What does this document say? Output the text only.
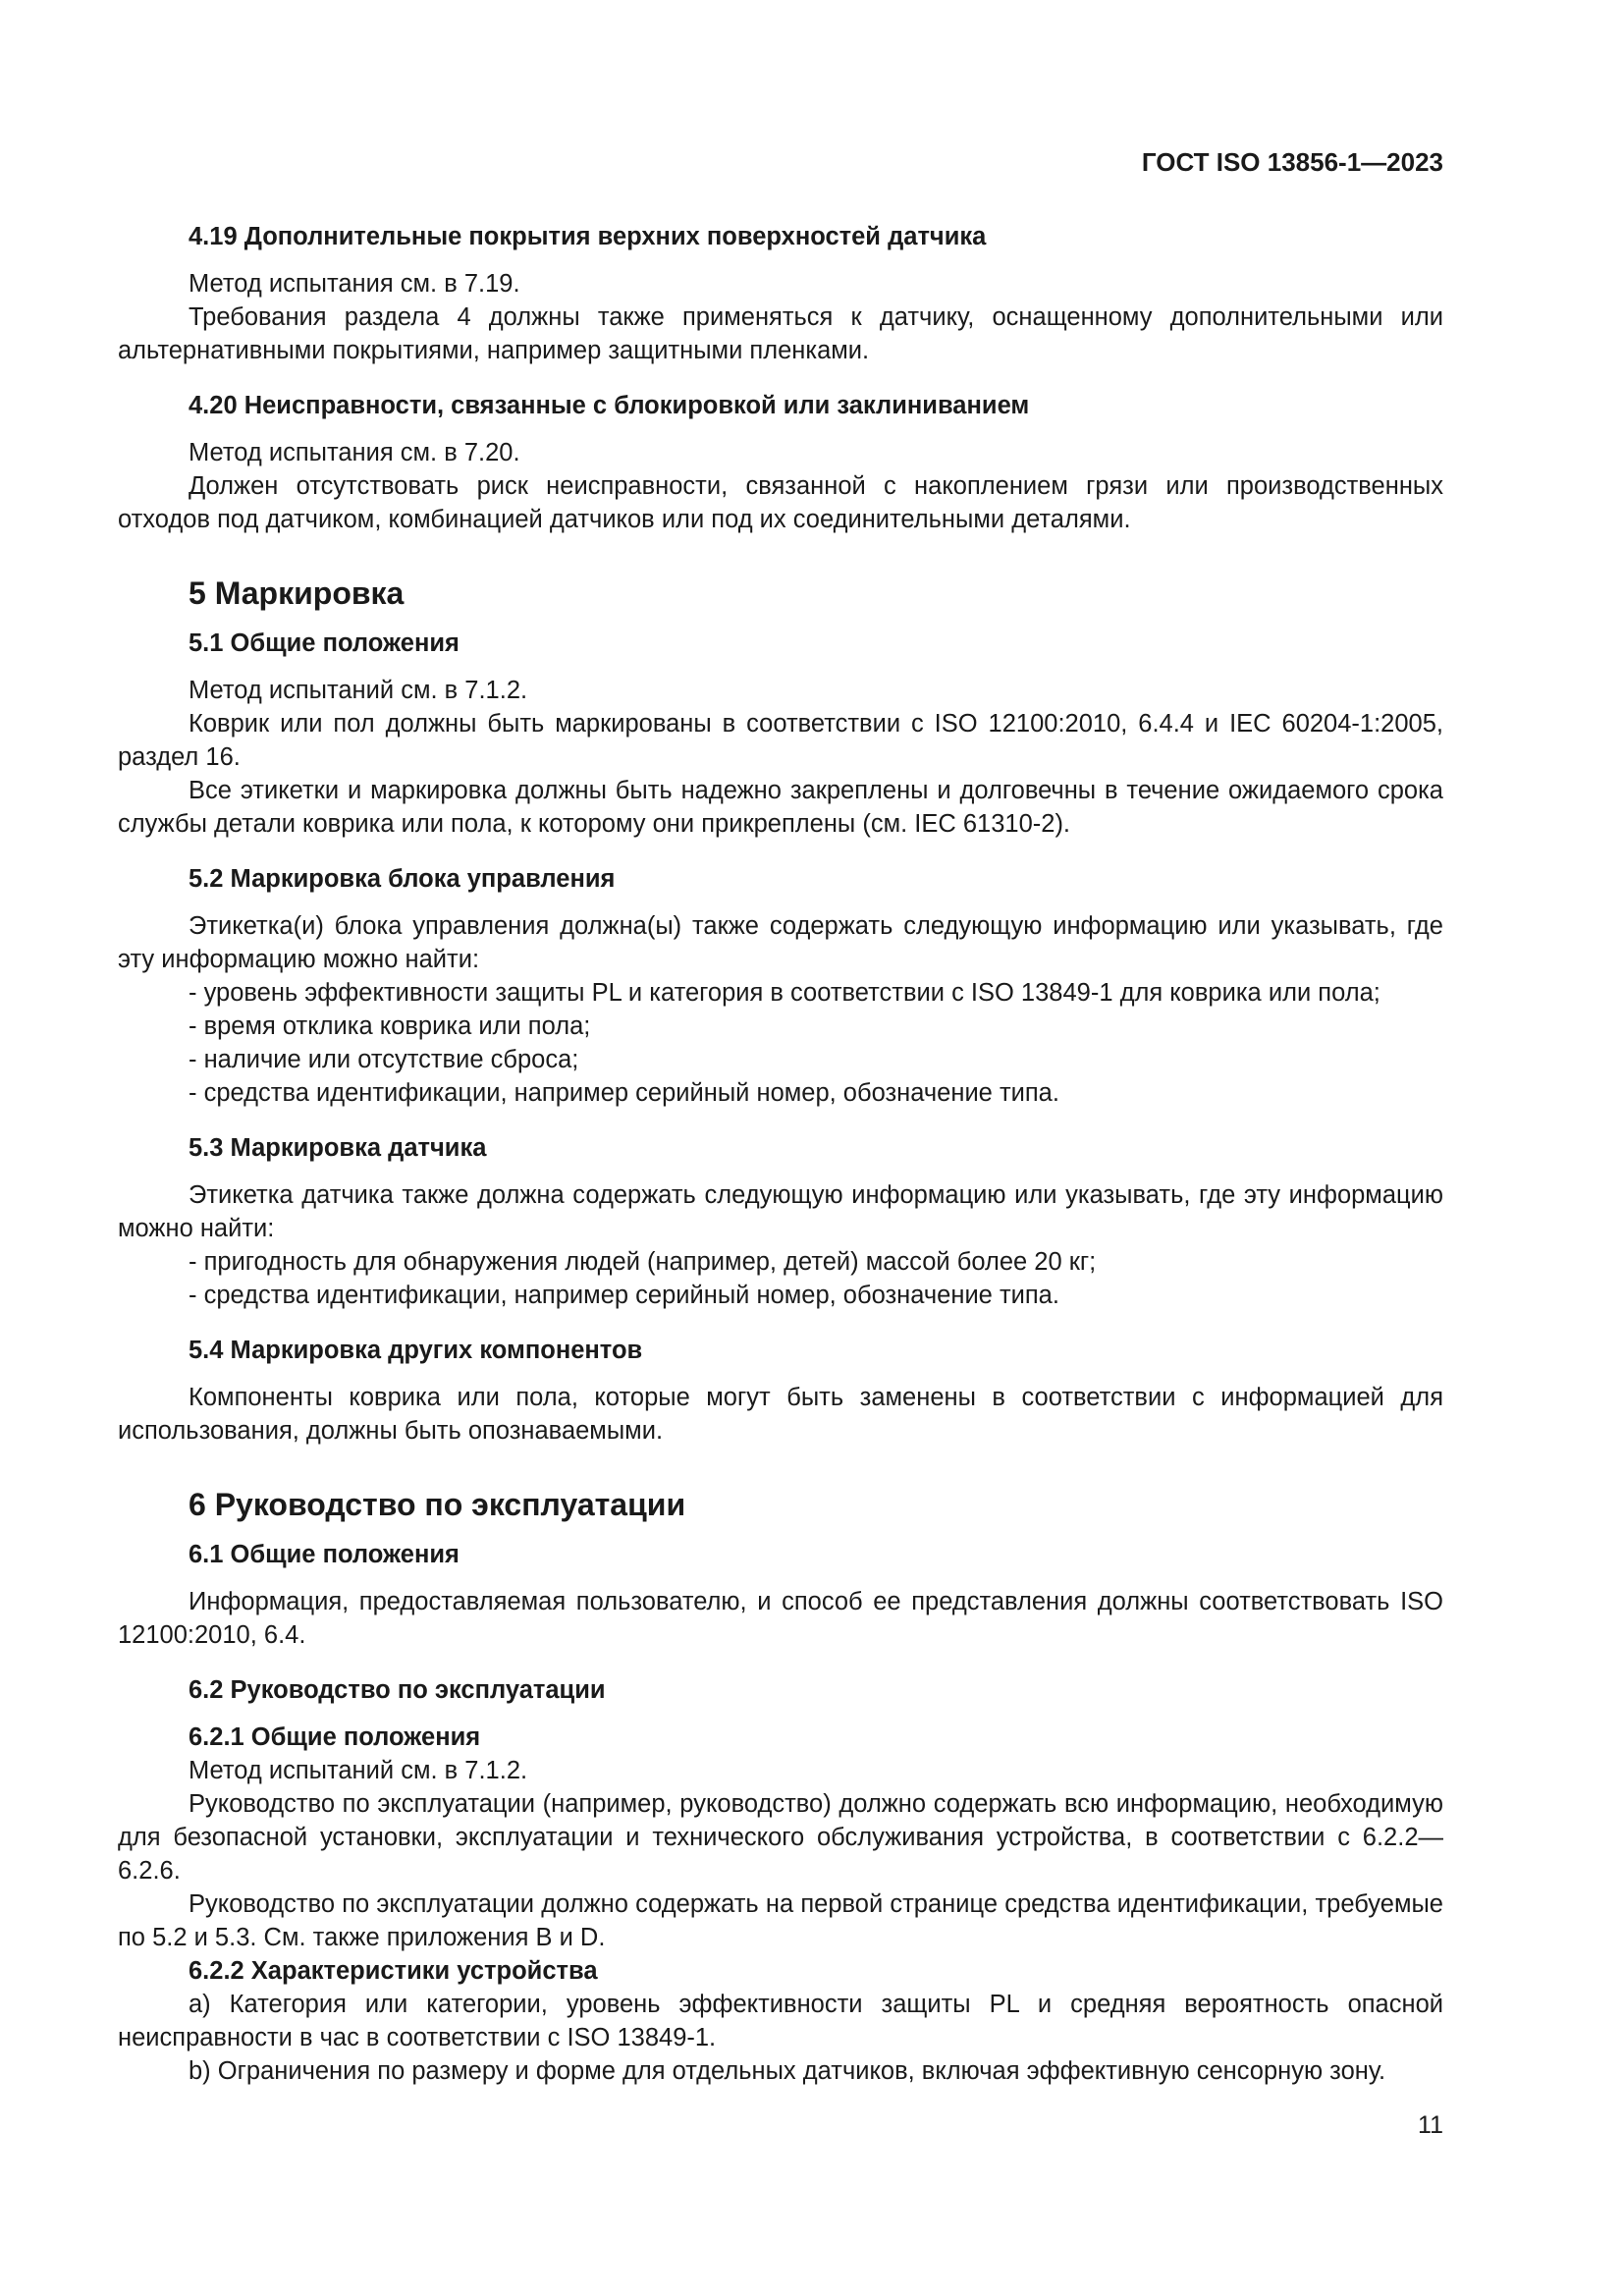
ГОСТ ISO 13856-1—2023

4.19 Дополнительные покрытия верхних поверхностей датчика

Метод испытания см. в 7.19.

Требования раздела 4 должны также применяться к датчику, оснащенному дополнительными или альтернативными покрытиями, например защитными пленками.

4.20 Неисправности, связанные с блокировкой или заклиниванием

Метод испытания см. в 7.20.

Должен отсутствовать риск неисправности, связанной с накоплением грязи или производственных отходов под датчиком, комбинацией датчиков или под их соединительными деталями.

5 Маркировка

5.1 Общие положения

Метод испытаний см. в 7.1.2.

Коврик или пол должны быть маркированы в соответствии с ISO 12100:2010, 6.4.4 и IEC 60204-1:2005, раздел 16.

Все этикетки и маркировка должны быть надежно закреплены и долговечны в течение ожидаемого срока службы детали коврика или пола, к которому они прикреплены (см. IEC 61310-2).

5.2 Маркировка блока управления

Этикетка(и) блока управления должна(ы) также содержать следующую информацию или указывать, где эту информацию можно найти:

- уровень эффективности защиты PL и категория в соответствии с ISO 13849-1 для коврика или пола;

- время отклика коврика или пола;

- наличие или отсутствие сброса;

- средства идентификации, например серийный номер, обозначение типа.

5.3 Маркировка датчика

Этикетка датчика также должна содержать следующую информацию или указывать, где эту информацию можно найти:

- пригодность для обнаружения людей (например, детей) массой более 20 кг;

- средства идентификации, например серийный номер, обозначение типа.

5.4 Маркировка других компонентов

Компоненты коврика или пола, которые могут быть заменены в соответствии с информацией для использования, должны быть опознаваемыми.

6 Руководство по эксплуатации

6.1 Общие положения

Информация, предоставляемая пользователю, и способ ее представления должны соответствовать ISO 12100:2010, 6.4.

6.2 Руководство по эксплуатации

6.2.1 Общие положения

Метод испытаний см. в 7.1.2.

Руководство по эксплуатации (например, руководство) должно содержать всю информацию, необходимую для безопасной установки, эксплуатации и технического обслуживания устройства, в соответствии с 6.2.2—6.2.6.

Руководство по эксплуатации должно содержать на первой странице средства идентификации, требуемые по 5.2 и 5.3. См. также приложения В и D.

6.2.2 Характеристики устройства

a) Категория или категории, уровень эффективности защиты PL и средняя вероятность опасной неисправности в час в соответствии с ISO 13849-1.

b) Ограничения по размеру и форме для отдельных датчиков, включая эффективную сенсорную зону.

11
